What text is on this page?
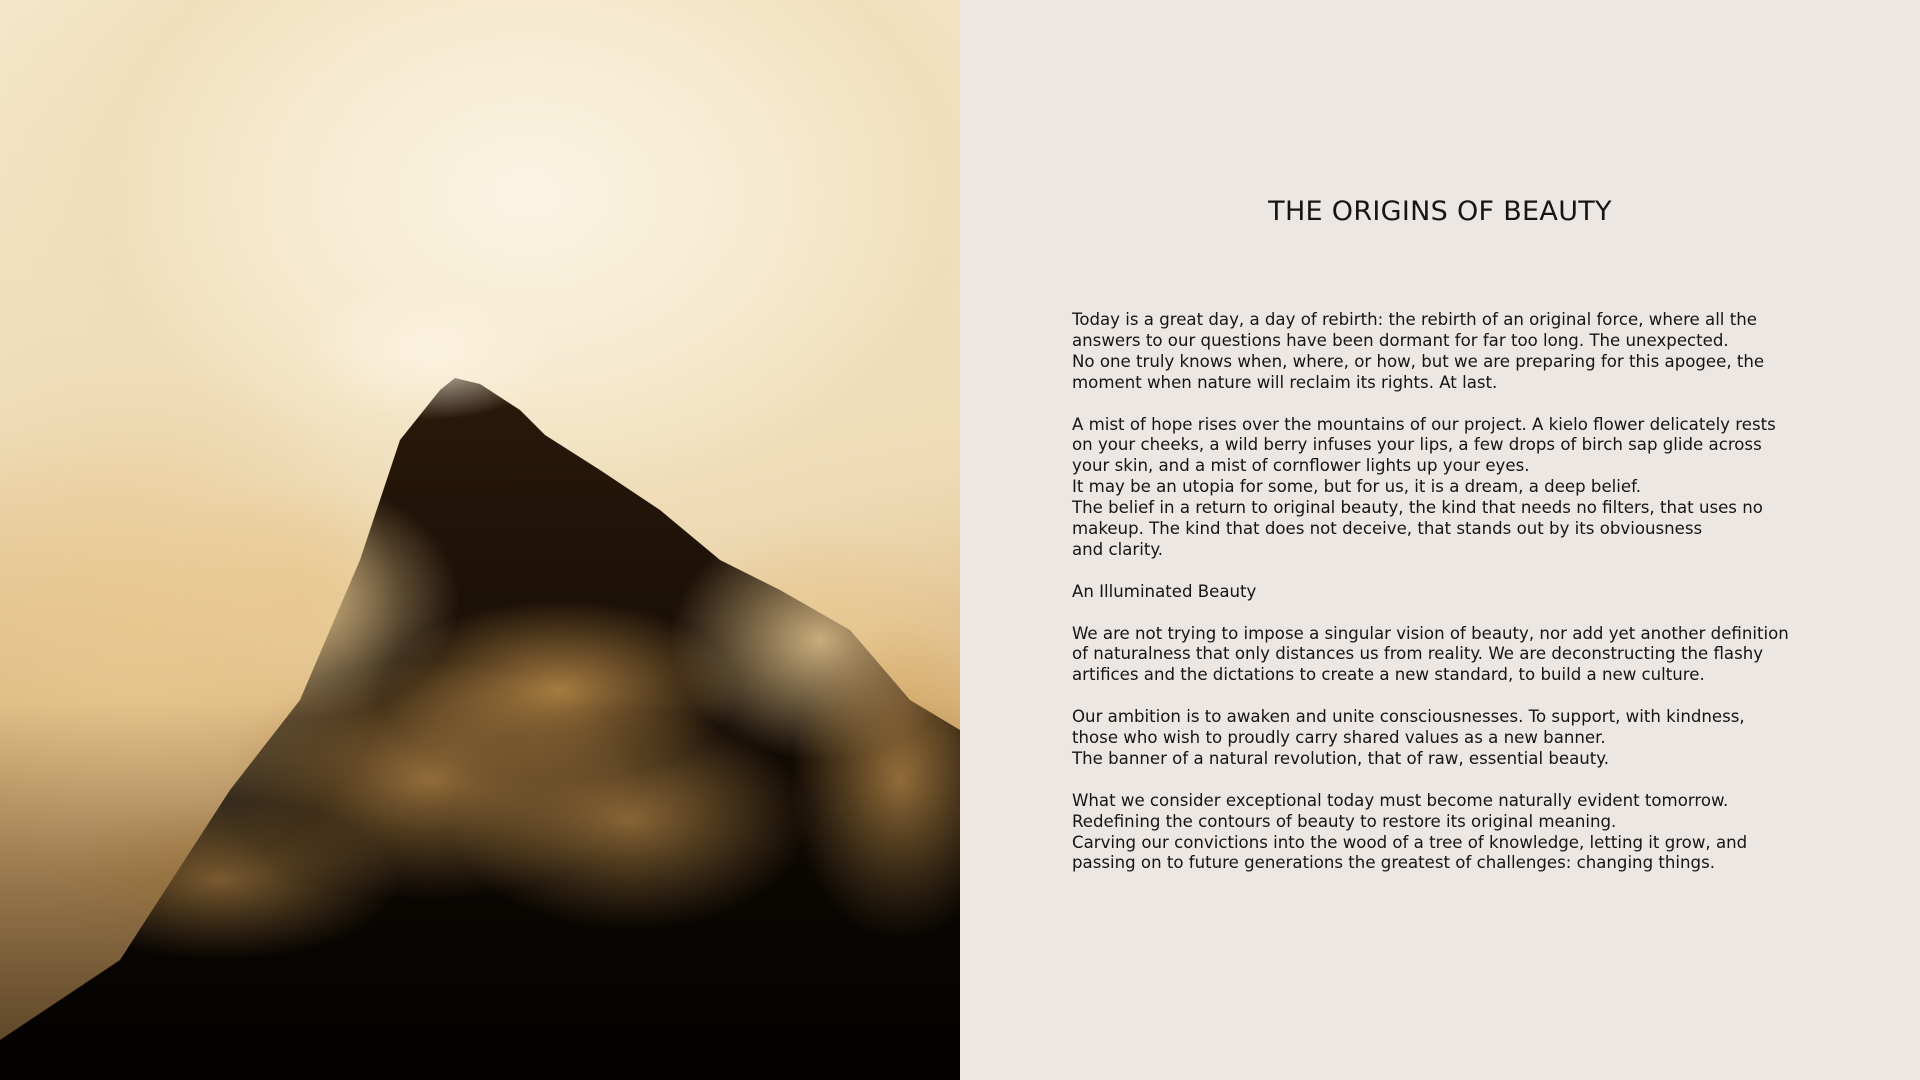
THE ORIGINS OF BEAUTY

Today is a great day, a day of rebirth: the rebirth of an original force, where all the
answers to our questions have been dormant for far too long. The unexpected.
No one truly knows when, where, or how, but we are preparing for this apogee, the
moment when nature will reclaim its rights. At last.

A mist of hope rises over the mountains of our project. A kielo flower delicately rests
on your cheeks, a wild berry infuses your lips, a few drops of birch sap glide across
your skin, and a mist of cornflower lights up your eyes.
It may be an utopia for some, but for us, it is a dream, a deep belief.
The belief in a return to original beauty, the kind that needs no filters, that uses no
makeup. The kind that does not deceive, that stands out by its obviousness
and clarity.

An Illuminated Beauty

We are not trying to impose a singular vision of beauty, nor add yet another definition
of naturalness that only distances us from reality. We are deconstructing the flashy
artifices and the dictations to create a new standard, to build a new culture.

Our ambition is to awaken and unite consciousnesses. To support, with kindness,
those who wish to proudly carry shared values as a new banner.
The banner of a natural revolution, that of raw, essential beauty.

What we consider exceptional today must become naturally evident tomorrow.
Redefining the contours of beauty to restore its original meaning.
Carving our convictions into the wood of a tree of knowledge, letting it grow, and
passing on to future generations the greatest of challenges: changing things.
